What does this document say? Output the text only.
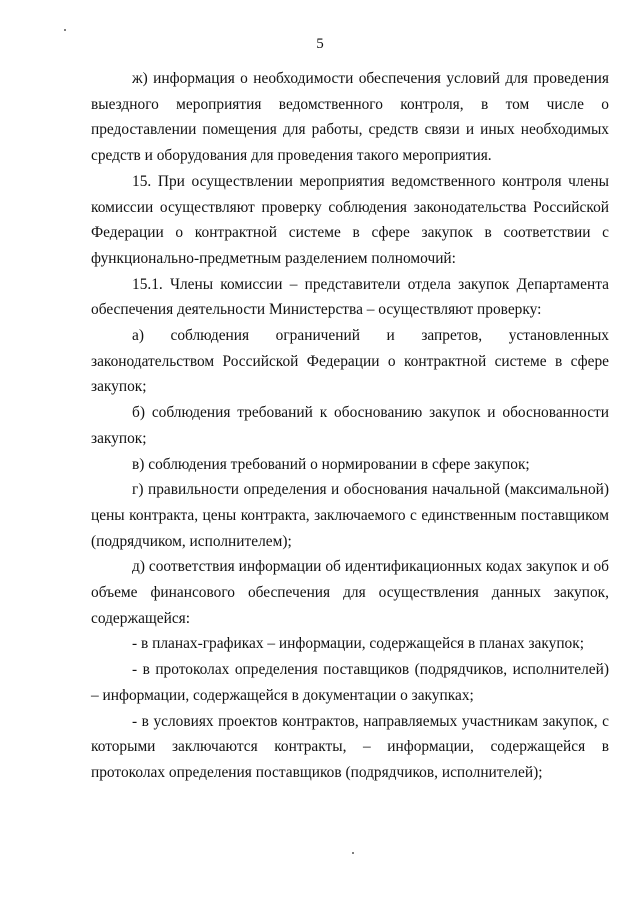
5

ж) информация о необходимости обеспечения условий для проведения выездного мероприятия ведомственного контроля, в том числе о предоставлении помещения для работы, средств связи и иных необходимых средств и оборудования для проведения такого мероприятия.

15. При осуществлении мероприятия ведомственного контроля члены комиссии осуществляют проверку соблюдения законодательства Российской Федерации о контрактной системе в сфере закупок в соответствии с функционально-предметным разделением полномочий:

15.1. Члены комиссии – представители отдела закупок Департамента обеспечения деятельности Министерства – осуществляют проверку:

а) соблюдения ограничений и запретов, установленных законодательством Российской Федерации о контрактной системе в сфере закупок;

б) соблюдения требований к обоснованию закупок и обоснованности закупок;

в) соблюдения требований о нормировании в сфере закупок;

г) правильности определения и обоснования начальной (максимальной) цены контракта, цены контракта, заключаемого с единственным поставщиком (подрядчиком, исполнителем);

д) соответствия информации об идентификационных кодах закупок и об объеме финансового обеспечения для осуществления данных закупок, содержащейся:

- в планах-графиках – информации, содержащейся в планах закупок;

- в протоколах определения поставщиков (подрядчиков, исполнителей) – информации, содержащейся в документации о закупках;

- в условиях проектов контрактов, направляемых участникам закупок, с которыми заключаются контракты, – информации, содержащейся в протоколах определения поставщиков (подрядчиков, исполнителей);
